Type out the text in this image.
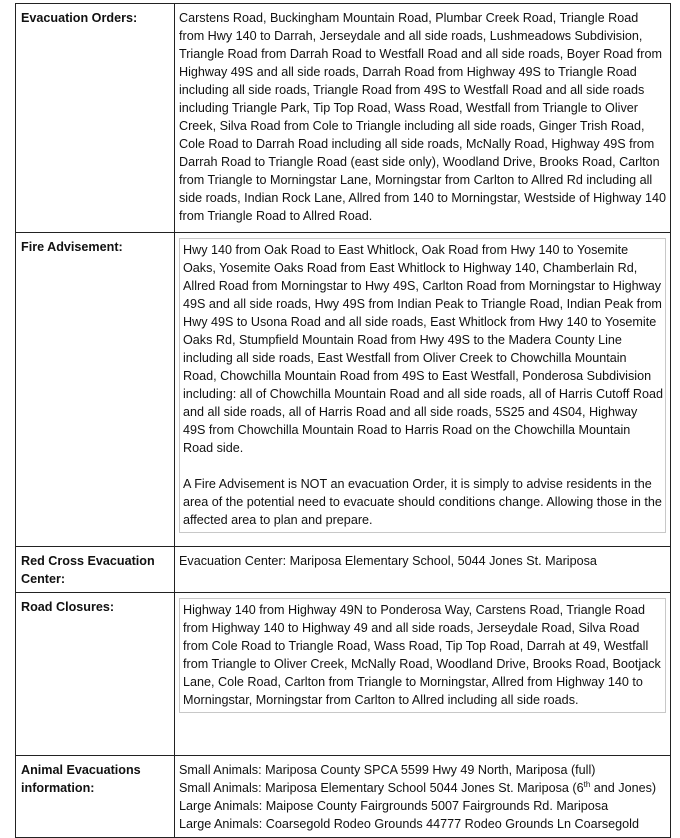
Evacuation Orders:	Carstens Road, Buckingham Mountain Road, Plumbar Creek Road, Triangle Road from Hwy 140 to Darrah, Jerseydale and all side roads, Lushmeadows Subdivision, Triangle Road from Darrah Road to Westfall Road and all side roads, Boyer Road from Highway 49S and all side roads, Darrah Road from Highway 49S to Triangle Road including all side roads, Triangle Road from 49S to Westfall Road and all side roads including Triangle Park, Tip Top Road, Wass Road, Westfall from Triangle to Oliver Creek, Silva Road from Cole to Triangle including all side roads, Ginger Trish Road, Cole Road to Darrah Road including all side roads, McNally Road, Highway 49S from Darrah Road to Triangle Road (east side only), Woodland Drive, Brooks Road, Carlton from Triangle to Morningstar Lane, Morningstar from Carlton to Allred Rd including all side roads, Indian Rock Lane, Allred from 140 to Morningstar, Westside of Highway 140 from Triangle Road to Allred Road.

Fire Advisement:	Hwy 140 from Oak Road to East Whitlock, Oak Road from Hwy 140 to Yosemite Oaks, Yosemite Oaks Road from East Whitlock to Highway 140, Chamberlain Rd, Allred Road from Morningstar to Hwy 49S, Carlton Road from Morningstar to Highway 49S and all side roads, Hwy 49S from Indian Peak to Triangle Road, Indian Peak from Hwy 49S to Usona Road and all side roads, East Whitlock from Hwy 140 to Yosemite Oaks Rd, Stumpfield Mountain Road from Hwy 49S to the Madera County Line including all side roads, East Westfall from Oliver Creek to Chowchilla Mountain Road, Chowchilla Mountain Road from 49S to East Westfall, Ponderosa Subdivision including: all of Chowchilla Mountain Road and all side roads, all of Harris Cutoff Road and all side roads, all of Harris Road and all side roads, 5S25 and 4S04, Highway 49S from Chowchilla Mountain Road to Harris Road on the Chowchilla Mountain Road side.
A Fire Advisement is NOT an evacuation Order, it is simply to advise residents in the area of the potential need to evacuate should conditions change. Allowing those in the affected area to plan and prepare.

Red Cross Evacuation Center:	Evacuation Center: Mariposa Elementary School, 5044 Jones St. Mariposa

Road Closures:	Highway 140 from Highway 49N to Ponderosa Way, Carstens Road, Triangle Road from Highway 140 to Highway 49 and all side roads, Jerseydale Road, Silva Road from Cole Road to Triangle Road, Wass Road, Tip Top Road, Darrah at 49, Westfall from Triangle to Oliver Creek, McNally Road, Woodland Drive, Brooks Road, Bootjack Lane, Cole Road, Carlton from Triangle to Morningstar, Allred from Highway 140 to Morningstar, Morningstar from Carlton to Allred including all side roads.

Animal Evacuations information:	Small Animals: Mariposa County SPCA 5599 Hwy 49 North, Mariposa (full)
Small Animals: Mariposa Elementary School 5044 Jones St. Mariposa (6th and Jones)
Large Animals: Maipose County Fairgrounds 5007 Fairgrounds Rd. Mariposa
Large Animals: Coarsegold Rodeo Grounds 44777 Rodeo Grounds Ln Coarsegold
